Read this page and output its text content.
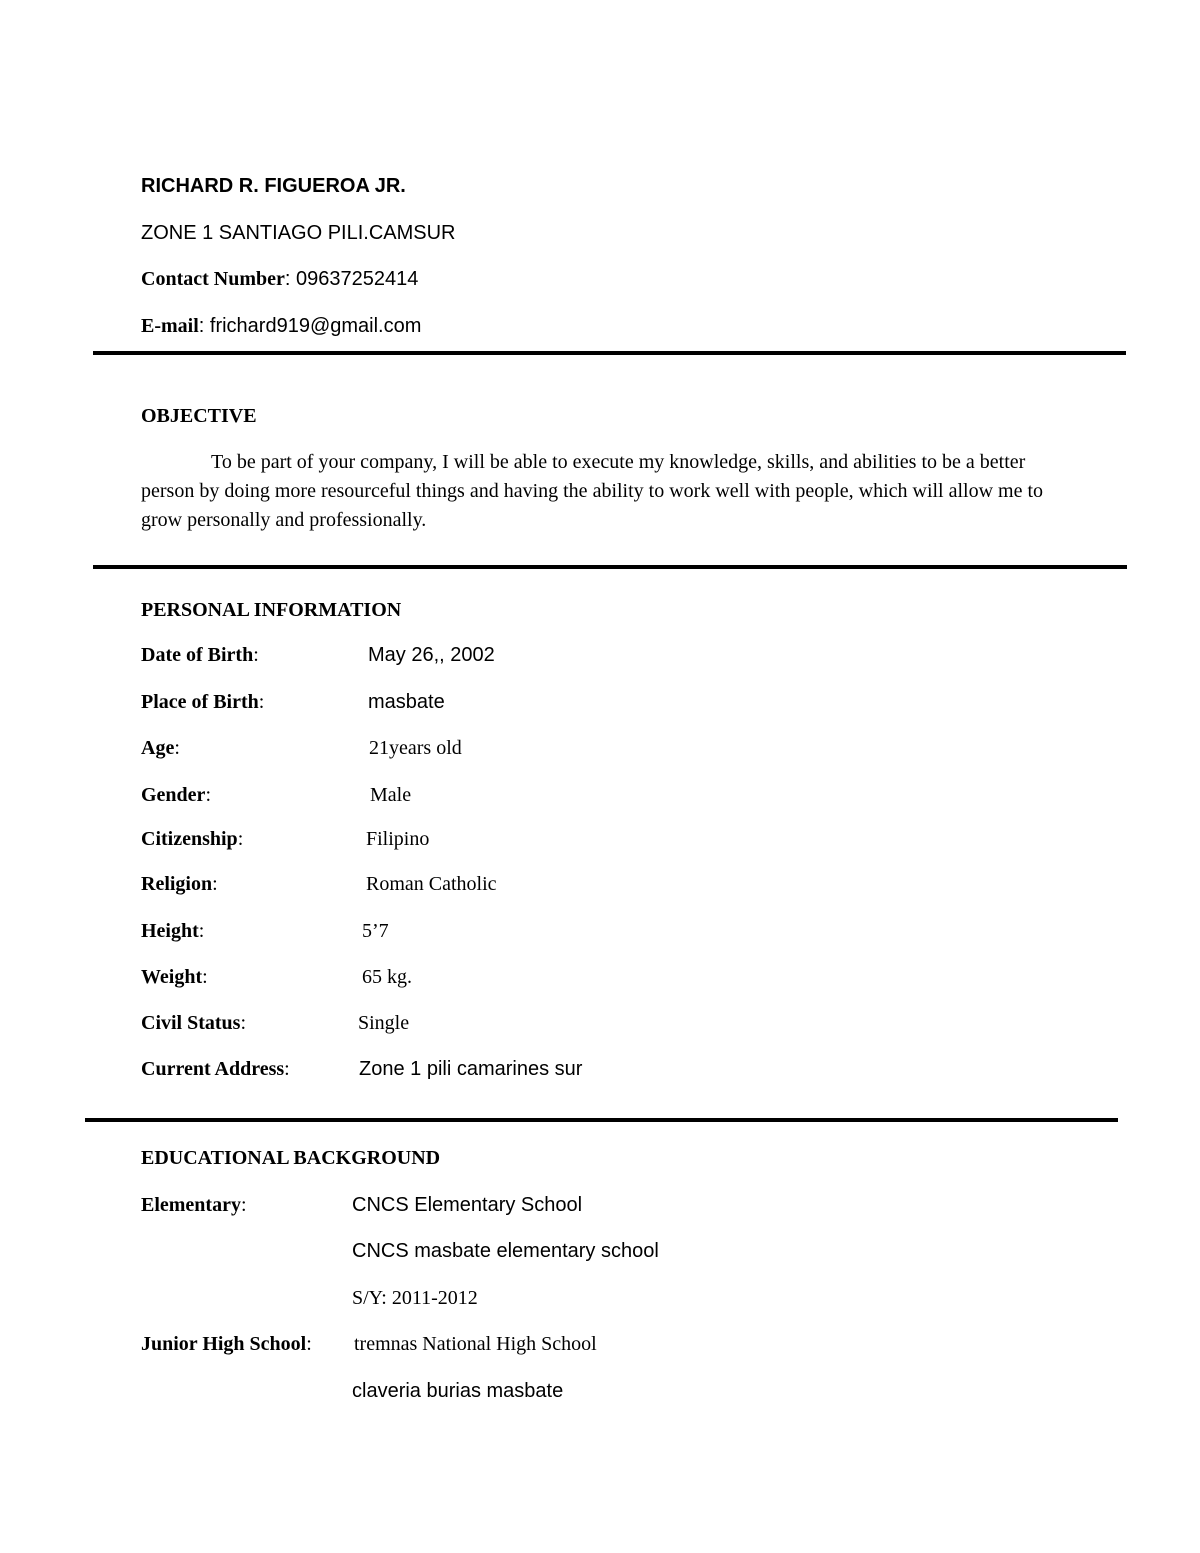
RICHARD R. FIGUEROA JR.
ZONE 1 SANTIAGO PILI.CAMSUR
Contact Number: 09637252414
E-mail: frichard919@gmail.com
OBJECTIVE
To be part of your company, I will be able to execute my knowledge, skills, and abilities to be a better person by doing more resourceful things and having the ability to work well with people, which will allow me to grow personally and professionally.
PERSONAL INFORMATION
Date of Birth:	May 26,, 2002
Place of Birth:	masbate
Age:	21years old
Gender:	Male
Citizenship:	Filipino
Religion:	Roman Catholic
Height:	5’7
Weight:	65 kg.
Civil Status:	Single
Current Address:	Zone 1 pili camarines sur
EDUCATIONAL BACKGROUND
Elementary:	CNCS Elementary School
CNCS masbate elementary school
S/Y: 2011-2012
Junior High School: tremnas National High School
claveria burias masbate
